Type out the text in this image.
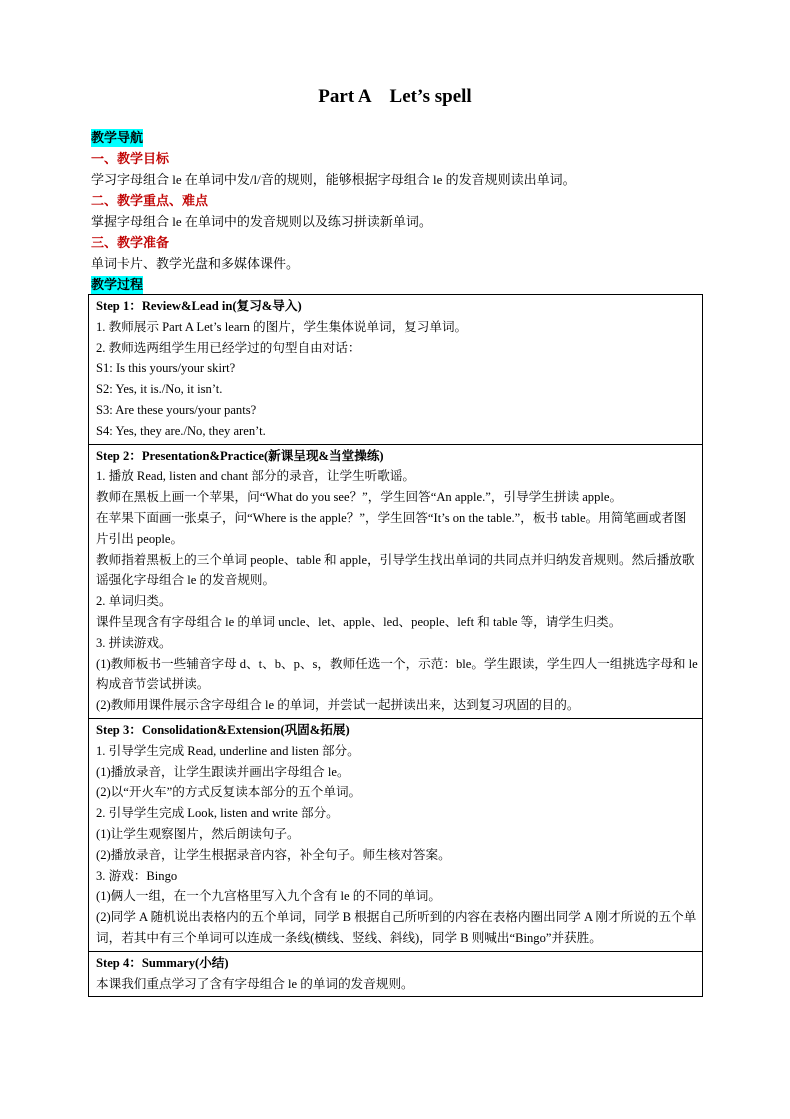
Part A    Let’s spell
教学导航
一、教学目标
学习字母组合 le 在单词中发/l/音的规则，能够根据字母组合 le 的发音规则读出单词。
二、教学重点、难点
掌握字母组合 le 在单词中的发音规则以及练习拼读新单词。
三、教学准备
单词卡片、教学光盘和多媒体课件。
教学过程
Step 1：Review&Lead in(复习&导入)
1. 教师展示 Part A Let’s learn 的图片，学生集体说单词，复习单词。
2. 教师选两组学生用已经学过的句型自由对话：
S1: Is this yours/your skirt?
S2: Yes, it is./No, it isn’t.
S3: Are these yours/your pants?
S4: Yes, they are./No, they aren’t.

Step 2：Presentation&Practice(新课呈现&当堂操练)
1. 播放 Read, listen and chant 部分的录音，让学生听歌谣。
教师在黑板上画一个苹果，问“What do you see？”，学生回答“An apple.”，引导学生拼读 apple。
在苹果下面画一张桌子，问“Where is the apple？”，学生回答“It’s on the table.”，板书 table。用简笔画或者图片引出 people。
教师指着黑板上的三个单词 people、table 和 apple，引导学生找出单词的共同点并归纳发音规则。然后播放歌谣强化字母组合 le 的发音规则。
2. 单词归类。
课件呈现含有字母组合 le 的单词 uncle、let、apple、led、people、left 和 table 等，请学生归类。
3. 拼读游戏。
(1)教师板书一些辅音字母 d、t、b、p、s，教师任选一个，示范：ble。学生跟读，学生四人一组挑选字母和 le 构成音节尝试拼读。
(2)教师用课件展示含字母组合 le 的单词，并尝试一起拼读出来，达到复习巩固的目的。

Step 3：Consolidation&Extension(巩固&拓展)
1. 引导学生完成 Read, underline and listen 部分。
(1)播放录音，让学生跟读并画出字母组合 le。
(2)以“开火车”的方式反复读本部分的五个单词。
2. 引导学生完成 Look, listen and write 部分。
(1)让学生观察图片，然后朗读句子。
(2)播放录音，让学生根据录音内容，补全句子。师生核对答案。
3. 游戏：Bingo
(1)俩人一组，在一个九宫格里写入九个含有 le 的不同的单词。
(2)同学 A 随机说出表格内的五个单词，同学 B 根据自己所听到的内容在表格内圈出同学 A 刚才所说的五个单词，若其中有三个单词可以连成一条线(横线、竖线、斜线)，同学 B 则喊出“Bingo”并获胜。

Step 4：Summary(小结)
本课我们重点学习了含有字母组合 le 的单词的发音规则。
